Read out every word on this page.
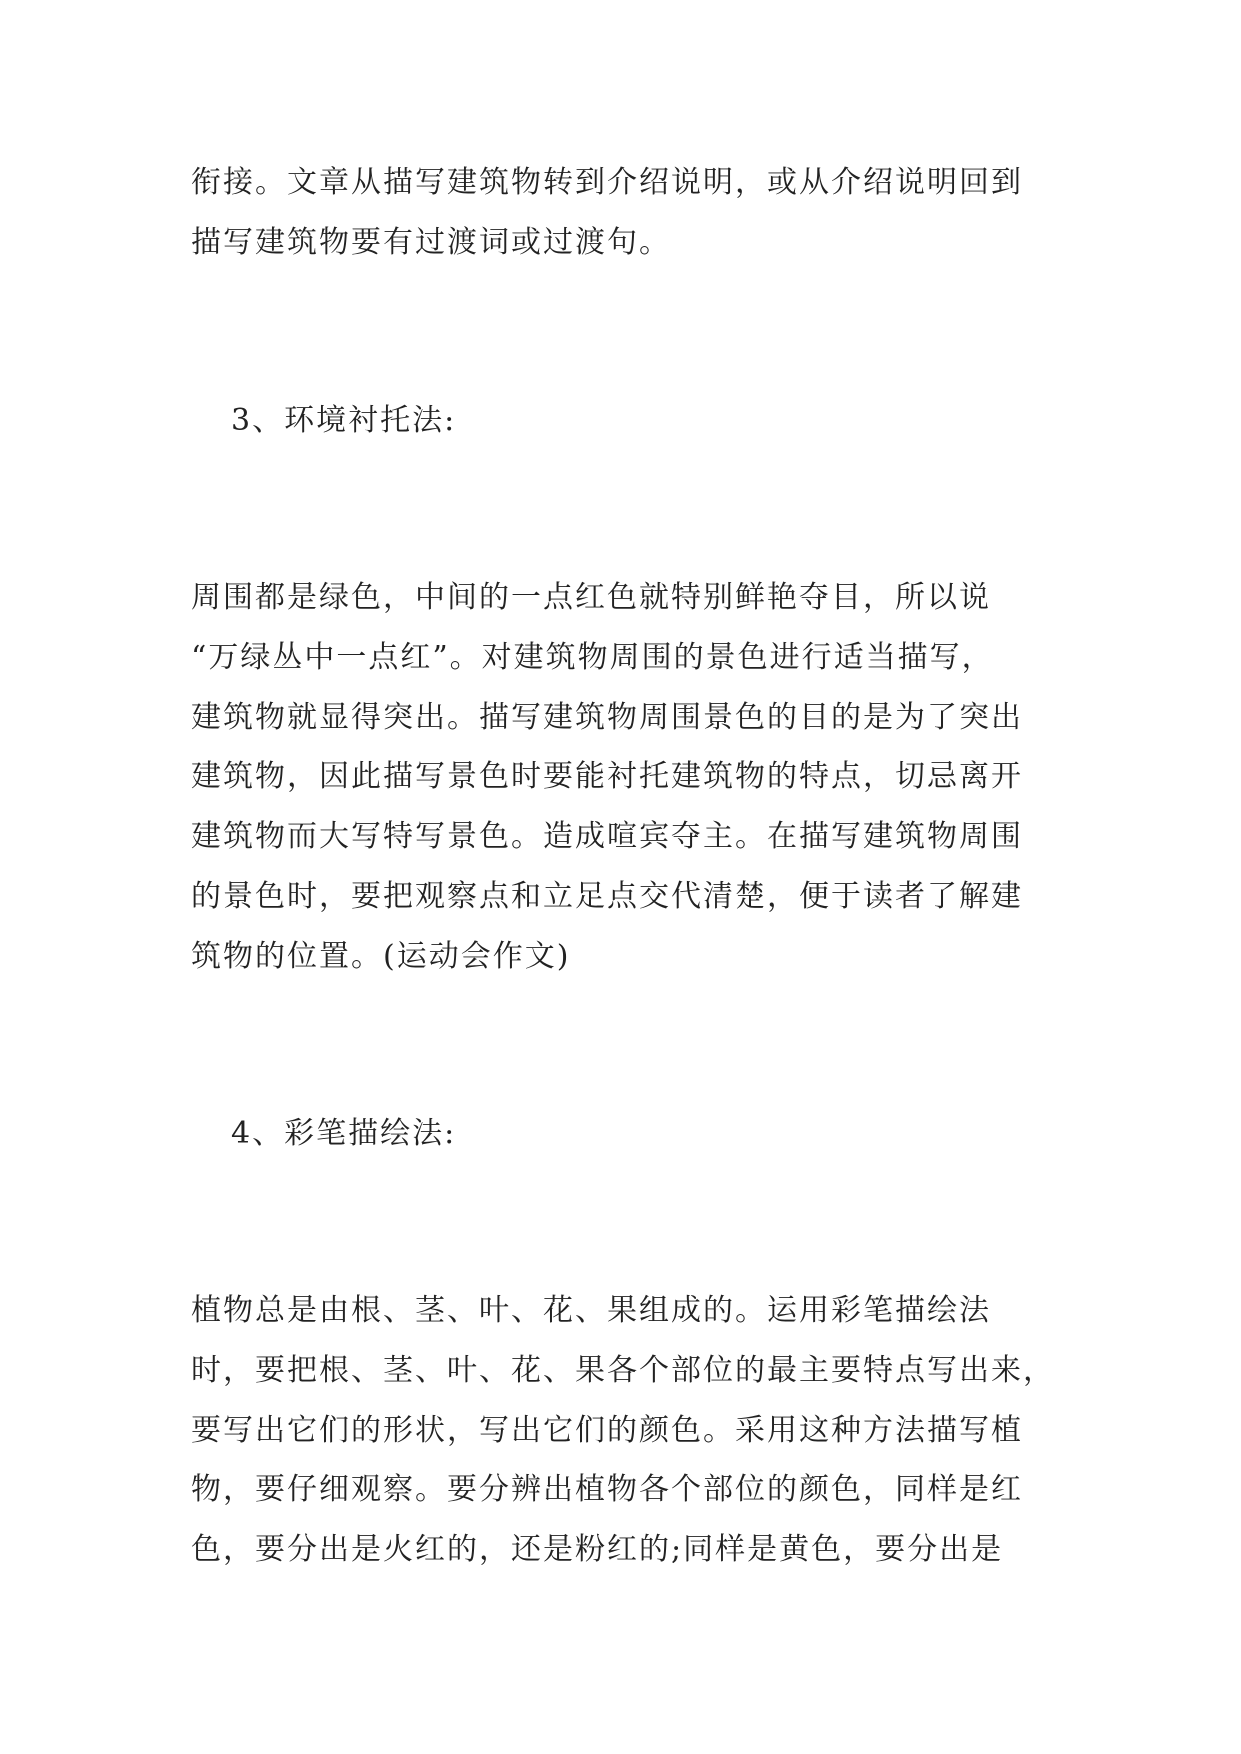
衔接。文章从描写建筑物转到介绍说明，或从介绍说明回到

描写建筑物要有过渡词或过渡句。

3、环境衬托法:

周围都是绿色，中间的一点红色就特别鲜艳夺目，所以说

“万绿丛中一点红”。对建筑物周围的景色进行适当描写，

建筑物就显得突出。描写建筑物周围景色的目的是为了突出

建筑物，因此描写景色时要能衬托建筑物的特点，切忌离开

建筑物而大写特写景色。造成喧宾夺主。在描写建筑物周围

的景色时，要把观察点和立足点交代清楚，便于读者了解建

筑物的位置。(运动会作文)

4、彩笔描绘法:

植物总是由根、茎、叶、花、果组成的。运用彩笔描绘法

时，要把根、茎、叶、花、果各个部位的最主要特点写出来，

要写出它们的形状，写出它们的颜色。采用这种方法描写植

物，要仔细观察。要分辨出植物各个部位的颜色，同样是红

色，要分出是火红的，还是粉红的;同样是黄色，要分出是
